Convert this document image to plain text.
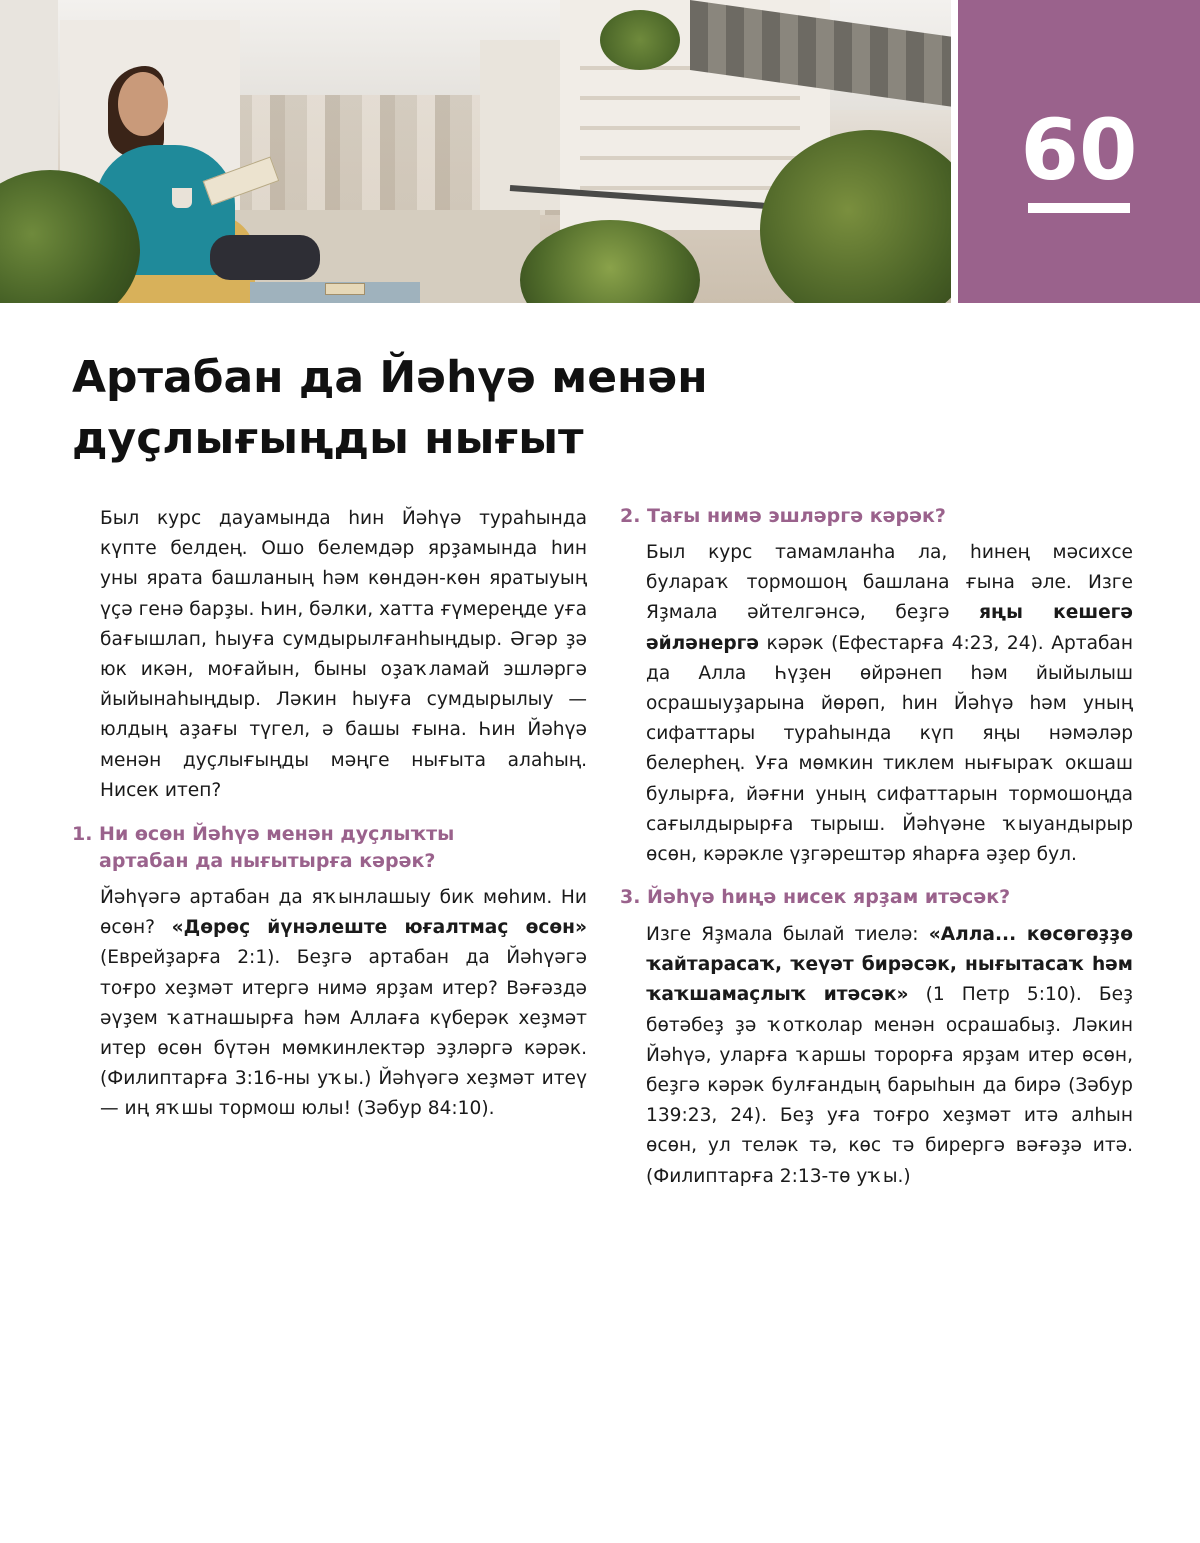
60
Артабан да Йәһүә менән дуҫлығыңды нығыт

Был курс дауамында һин Йәһүә тураһында күпте белдең. Ошо белемдәр ярҙамында һин уны ярата башланың һәм көндән-көн яратыуың үҫә генә барҙы. Һин, бәлки, хатта ғүмереңде уға бағышлап, һыуға сумдырылғанһыңдыр. Әгәр ҙә юк икән, моғайын, быны оҙаҡламай эшләргә йыйынаһыңдыр. Ләкин һыуға сумдырылыу — юлдың аҙағы түгел, ә башы ғына. Һин Йәһүә менән дуҫлығыңды мәңге нығыта алаһың. Нисек итеп?

1. Ни өсөн Йәһүә менән дуҫлыҡты
артабан да нығытырға кәрәк?

Йәһүәгә артабан да яҡынлашыу бик мөһим. Ни өсөн? «Дөрөҫ йүнәлеште юғалтмаҫ өсөн» (Еврейҙарға 2:1). Беҙгә артабан да Йәһүәгә тоғро хеҙмәт итергә нимә ярҙам итер? Вәғәздә әүҙем ҡатнашырға һәм Аллаға күберәк хеҙмәт итер өсөн бүтән мөмкинлектәр эҙләргә кәрәк. (Филиптарға 3:16-ны уҡы.) Йәһүәгә хеҙмәт итеү — иң яҡшы тормош юлы! (Зәбур 84:10).

2. Тағы нимә эшләргә кәрәк?

Был курс тамамланһа ла, һинең мәсихсе булараҡ тормошоң башлана ғына әле. Изге Яҙмала әйтелгәнсә, беҙгә яңы кешегә әйләнергә кәрәк (Ефестарға 4:23, 24). Артабан да Алла Һүҙен өйрәнеп һәм йыйылыш осрашыуҙарына йөрөп, һин Йәһүә һәм уның сифаттары тураһында күп яңы нәмәләр белерһең. Уға мөмкин тиклем нығыраҡ окшаш булырға, йәғни уның сифаттарын тормошоңда сағылдырырға тырыш. Йәһүәне ҡыуандырыр өсөн, кәрәкле үҙгәрештәр яһарға әҙер бул.

3. Йәһүә һиңә нисек ярҙам итәсәк?

Изге Яҙмала былай тиелә: «Алла... көсөгөҙҙө ҡайтарасаҡ, ҡеүәт бирәсәк, нығытасаҡ һәм ҡаҡшамаҫлыҡ итәсәк» (1 Петр 5:10). Беҙ бөтәбеҙ ҙә ҡотколар менән осрашабыҙ. Ләкин Йәһүә, уларға ҡаршы торорға ярҙам итер өсөн, беҙгә кәрәк булғандың барыһын да бирә (Зәбур 139:23, 24). Беҙ уға тоғро хеҙмәт итә алһын өсөн, ул теләк тә, көс тә бирергә вәғәҙә итә. (Филиптарға 2:13-тө уҡы.)
